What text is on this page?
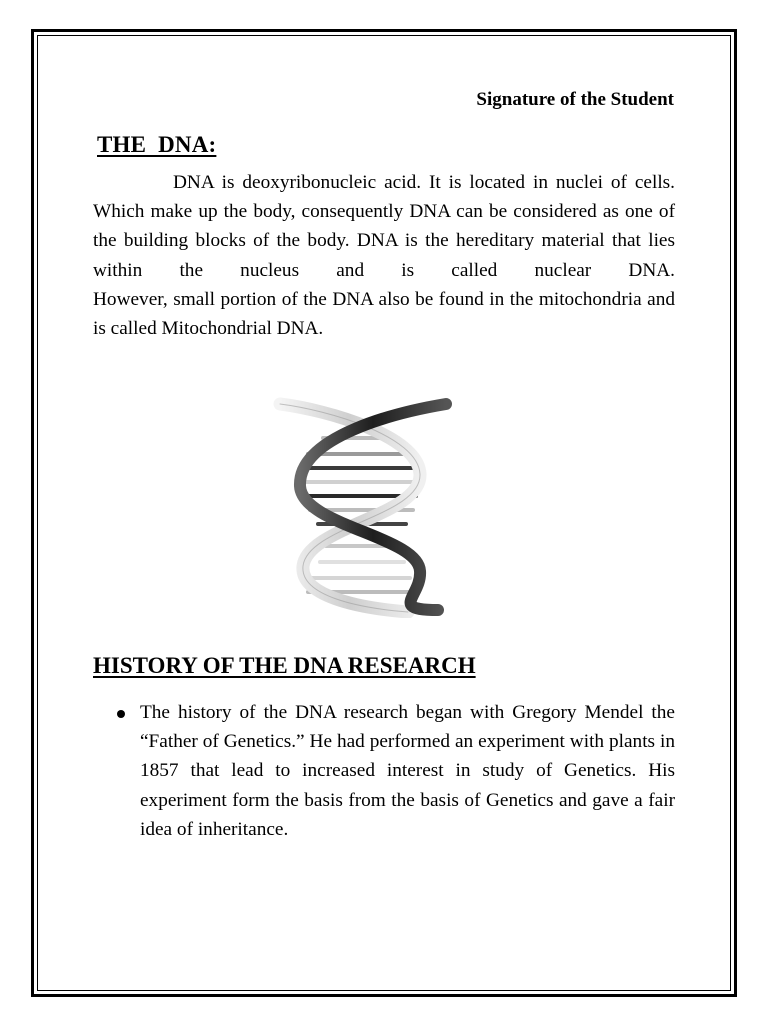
Signature of the Student
THE  DNA:
DNA is deoxyribonucleic acid. It is located in nuclei of cells. Which make up the body, consequently DNA can be considered as one of the building blocks of the body. DNA is the hereditary material that lies within the nucleus and is called nuclear DNA.
However, small portion of the DNA also be found in the mitochondria and is called Mitochondrial DNA.
HISTORY OF THE DNA RESEARCH
The history of the DNA research began with Gregory Mendel the “Father of Genetics.” He had performed an experiment with plants in 1857 that lead to increased interest in study of Genetics. His experiment form the basis from the basis of Genetics and gave a fair idea of inheritance.
